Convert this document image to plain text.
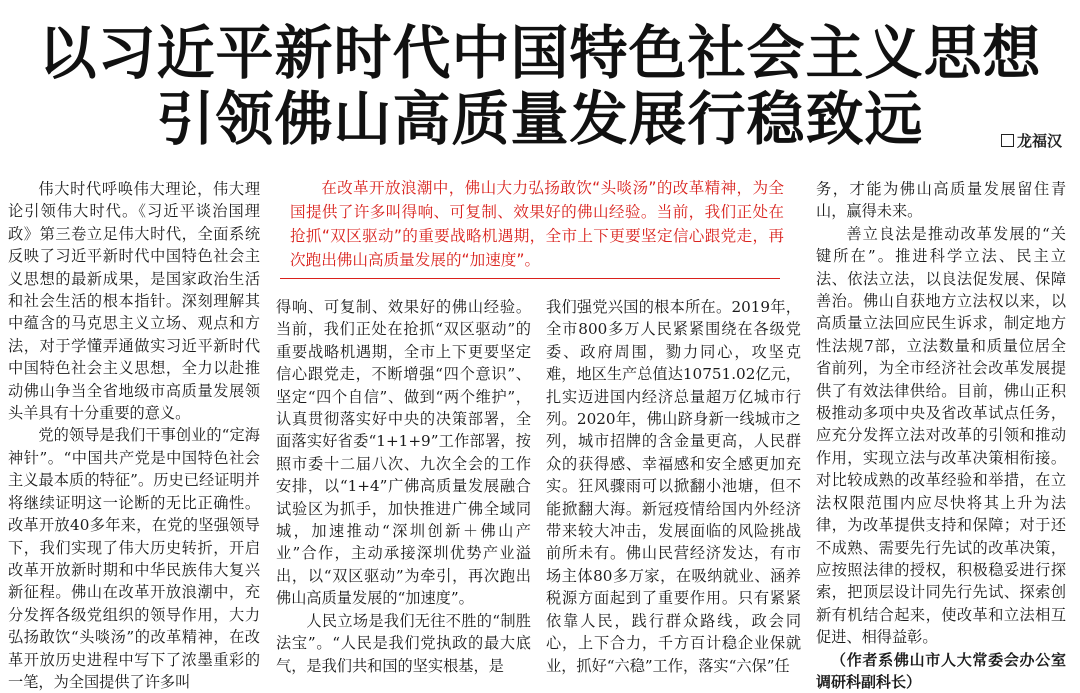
以习近平新时代中国特色社会主义思想
引领佛山高质量发展行稳致远	龙福汉

伟大时代呼唤伟大理论，伟大理论引领伟大时代。《习近平谈治国理政》第三卷立足伟大时代，全面系统反映了习近平新时代中国特色社会主义思想的最新成果，是国家政治生活和社会生活的根本指针。深刻理解其中蕴含的马克思主义立场、观点和方法，对于学懂弄通做实习近平新时代中国特色社会主义思想，全力以赴推动佛山争当全省地级市高质量发展领头羊具有十分重要的意义。

党的领导是我们干事创业的“定海神针”。“中国共产党是中国特色社会主义最本质的特征”。历史已经证明并将继续证明这一论断的无比正确性。改革开放40多年来，在党的坚强领导下，我们实现了伟大历史转折，开启改革开放新时期和中华民族伟大复兴新征程。佛山在改革开放浪潮中，充分发挥各级党组织的领导作用，大力弘扬敢饮“头啖汤”的改革精神，在改革开放历史进程中写下了浓墨重彩的一笔，为全国提供了许多叫

在改革开放浪潮中，佛山大力弘扬敢饮“头啖汤”的改革精神，为全国提供了许多叫得响、可复制、效果好的佛山经验。当前，我们正处在抢抓“双区驱动”的重要战略机遇期，全市上下更要坚定信心跟党走，再次跑出佛山高质量发展的“加速度”。

得响、可复制、效果好的佛山经验。当前，我们正处在抢抓“双区驱动”的重要战略机遇期，全市上下更要坚定信心跟党走，不断增强“四个意识”、坚定“四个自信”、做到“两个维护”，认真贯彻落实好中央的决策部署，全面落实好省委“1+1+9”工作部署，按照市委十二届八次、九次全会的工作安排，以“1+4”广佛高质量发展融合试验区为抓手，加快推进广佛全域同城，加速推动“深圳创新＋佛山产业”合作，主动承接深圳优势产业溢出，以“双区驱动”为牵引，再次跑出佛山高质量发展的“加速度”。

人民立场是我们无往不胜的“制胜法宝”。“人民是我们党执政的最大底气，是我们共和国的坚实根基，是

我们强党兴国的根本所在。2019年，全市800多万人民紧紧围绕在各级党委、政府周围，勠力同心，攻坚克难，地区生产总值达10751.02亿元，扎实迈进国内经济总量超万亿城市行列。2020年，佛山跻身新一线城市之列，城市招牌的含金量更高，人民群众的获得感、幸福感和安全感更加充实。狂风骤雨可以掀翻小池塘，但不能掀翻大海。新冠疫情给国内外经济带来较大冲击，发展面临的风险挑战前所未有。佛山民营经济发达，有市场主体80多万家，在吸纳就业、涵养税源方面起到了重要作用。只有紧紧依靠人民，践行群众路线，政会同心，上下合力，千方百计稳企业保就业，抓好“六稳”工作，落实“六保”任

务，才能为佛山高质量发展留住青山，赢得未来。

善立良法是推动改革发展的“关键所在”。推进科学立法、民主立法、依法立法，以良法促发展、保障善治。佛山自获地方立法权以来，以高质量立法回应民生诉求，制定地方性法规7部，立法数量和质量位居全省前列，为全市经济社会改革发展提供了有效法律供给。目前，佛山正积极推动多项中央及省改革试点任务，应充分发挥立法对改革的引领和推动作用，实现立法与改革决策相衔接。对比较成熟的改革经验和举措，在立法权限范围内应尽快将其上升为法律，为改革提供支持和保障；对于还不成熟、需要先行先试的改革决策，应按照法律的授权，积极稳妥进行探索，把顶层设计同先行先试、探索创新有机结合起来，使改革和立法相互促进、相得益彰。

（作者系佛山市人大常委会办公室调研科副科长）
